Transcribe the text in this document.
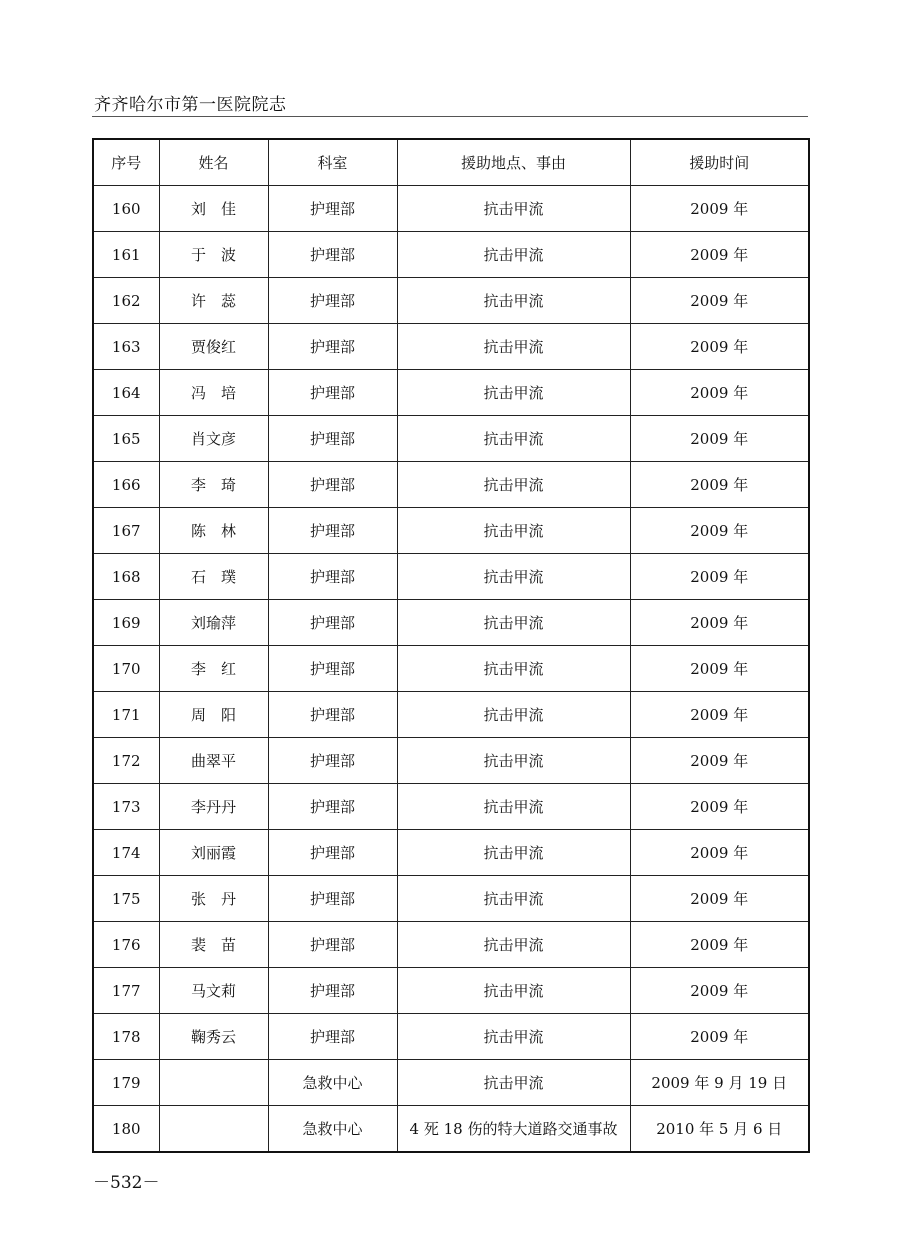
齐齐哈尔市第一医院院志
序号	姓名	科室	援助地点、事由	援助时间
160	刘　佳	护理部	抗击甲流	2009 年
161	于　波	护理部	抗击甲流	2009 年
162	许　蕊	护理部	抗击甲流	2009 年
163	贾俊红	护理部	抗击甲流	2009 年
164	冯　培	护理部	抗击甲流	2009 年
165	肖文彦	护理部	抗击甲流	2009 年
166	李　琦	护理部	抗击甲流	2009 年
167	陈　林	护理部	抗击甲流	2009 年
168	石　璞	护理部	抗击甲流	2009 年
169	刘瑜萍	护理部	抗击甲流	2009 年
170	李　红	护理部	抗击甲流	2009 年
171	周　阳	护理部	抗击甲流	2009 年
172	曲翠平	护理部	抗击甲流	2009 年
173	李丹丹	护理部	抗击甲流	2009 年
174	刘丽霞	护理部	抗击甲流	2009 年
175	张　丹	护理部	抗击甲流	2009 年
176	裴　苗	护理部	抗击甲流	2009 年
177	马文莉	护理部	抗击甲流	2009 年
178	鞠秀云	护理部	抗击甲流	2009 年
179		急救中心	抗击甲流	2009 年 9 月 19 日
180		急救中心	4 死 18 伤的特大道路交通事故	2010 年 5 月 6 日
－532－
